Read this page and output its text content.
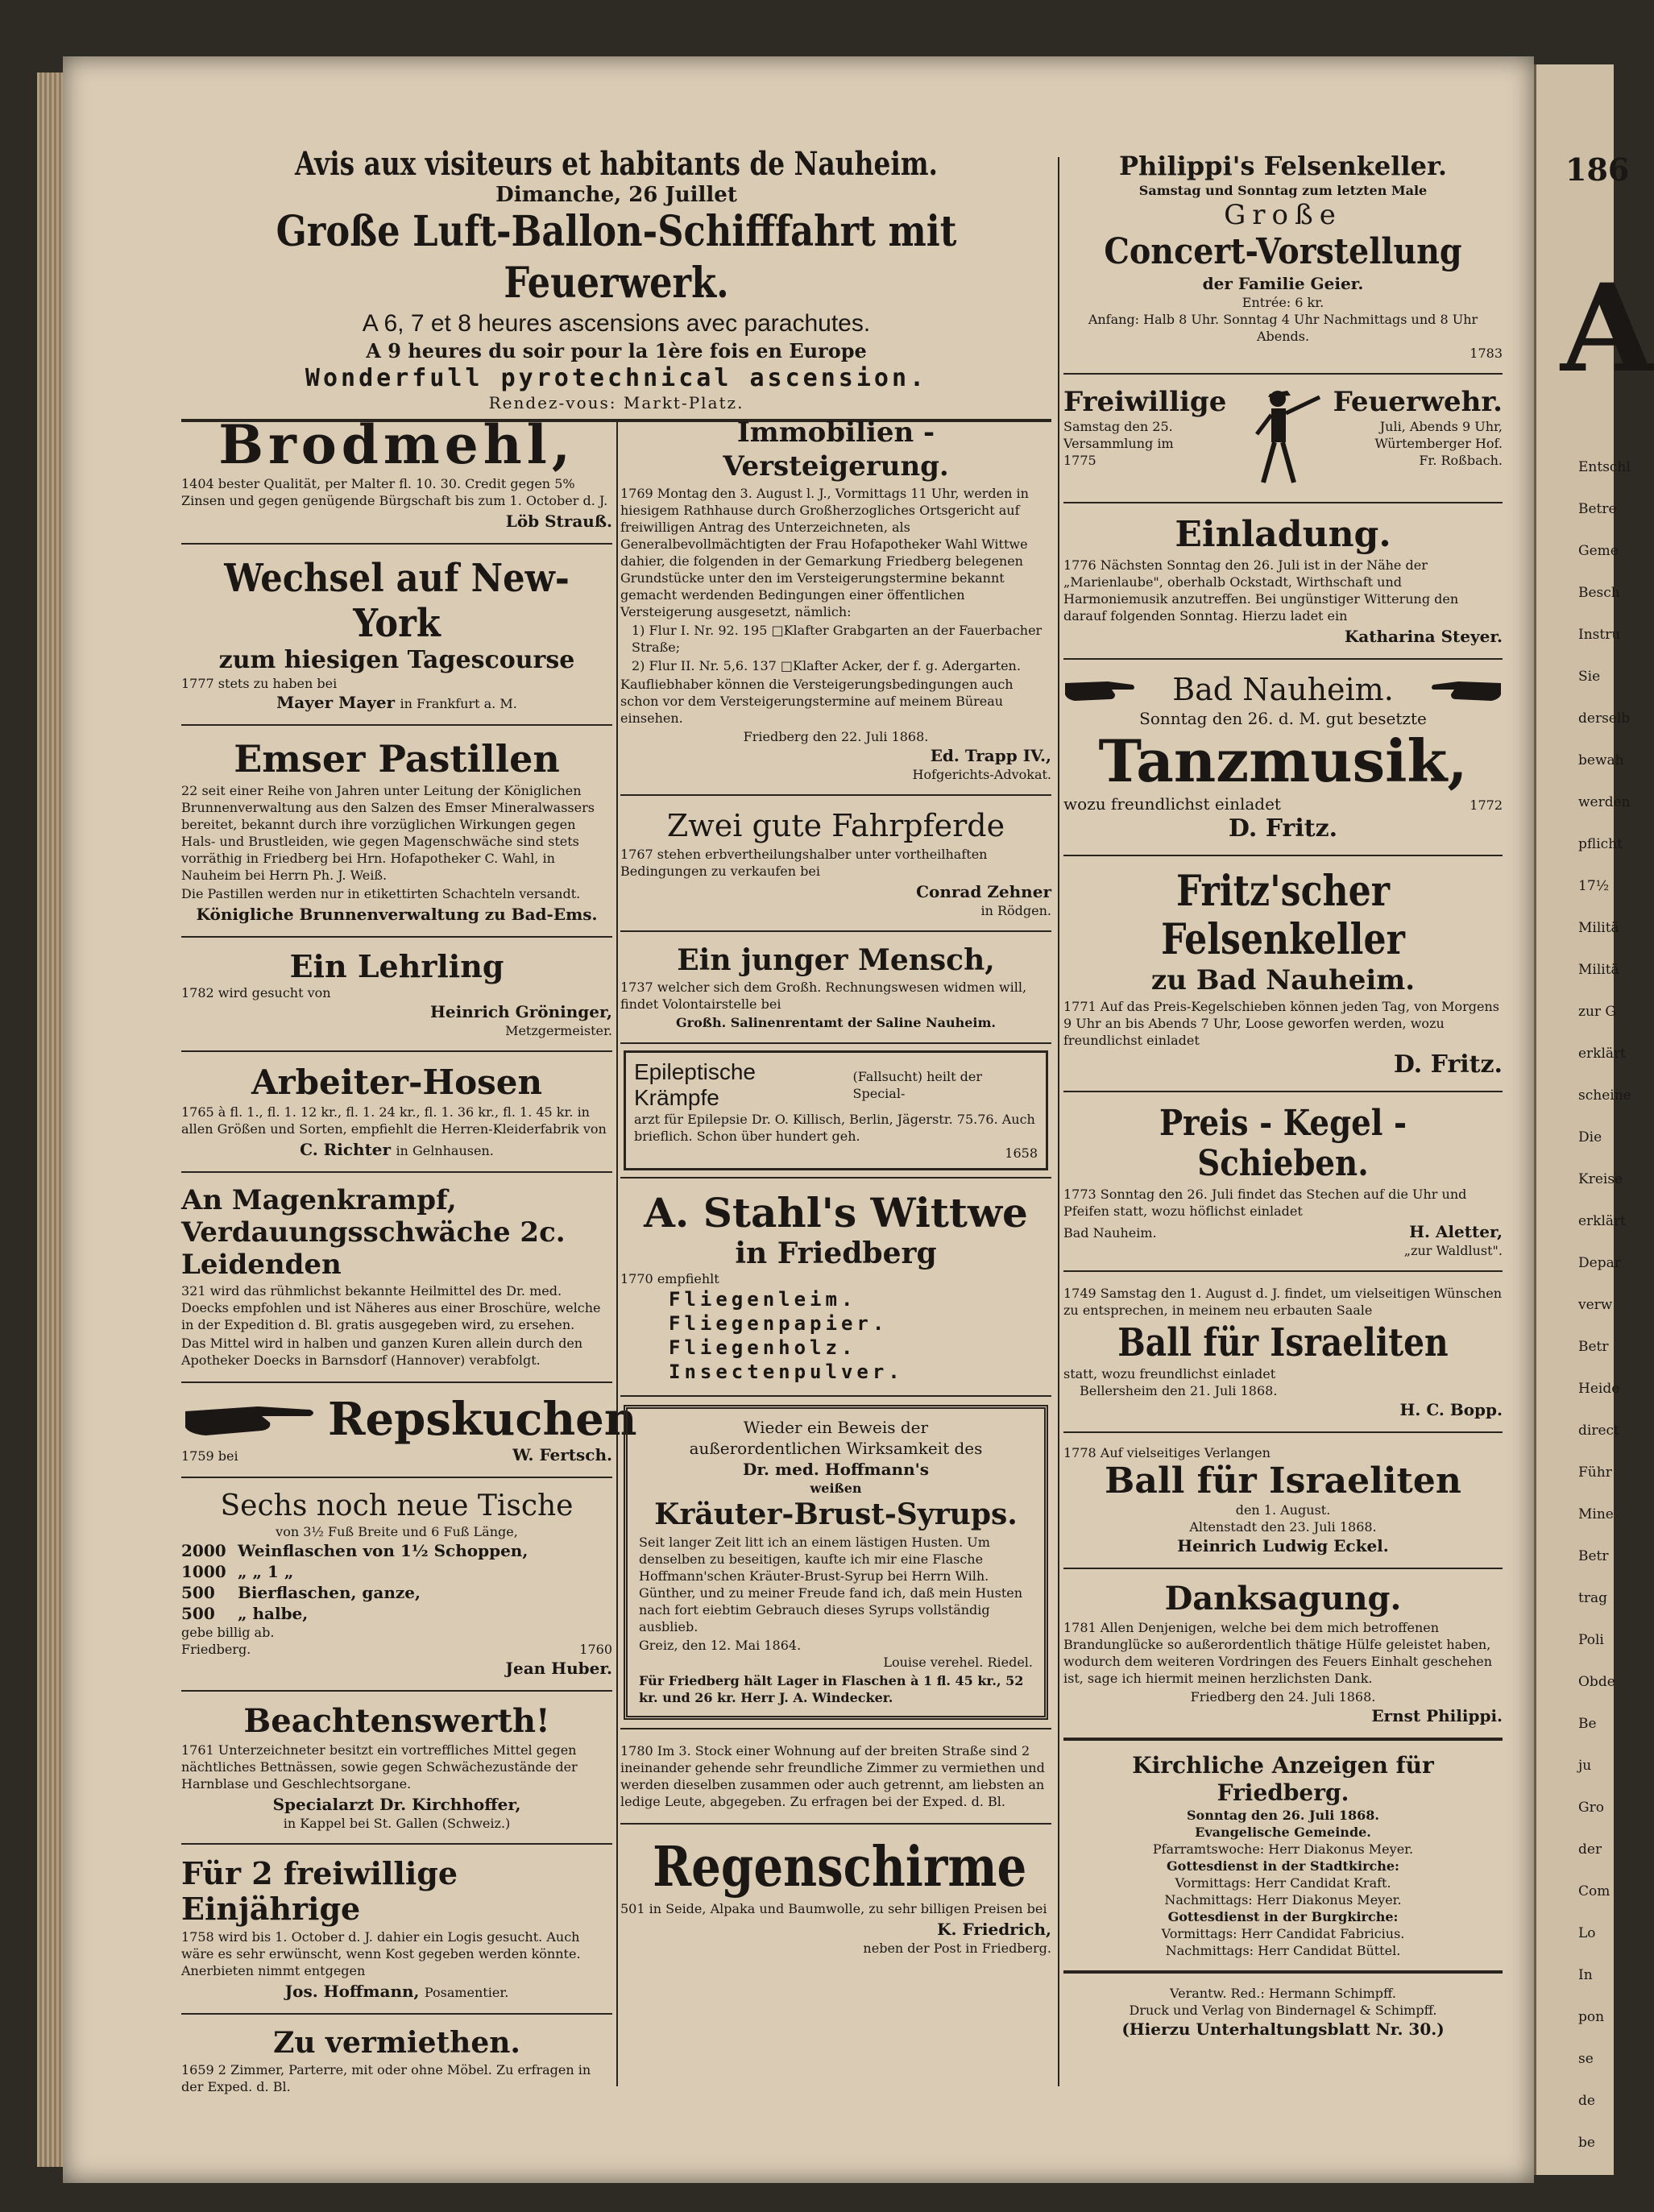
186
A
Entschl
Betre
Geme
Besch
Instru
Sie
derselb
bewah
werden
pflicht
17½
Militä
Militä
zur G
erklärt
scheine
Die
Kreise
erklärt
Depar
verw
Betr
Heide
direct
Führ
Mine
Betr
trag
Poli
Obde
Be
ju
Gro
der
Com
Lo
In
pon
se
de
be
Avis aux visiteurs et habitants de Nauheim.
Dimanche, 26 Juillet
Große Luft-Ballon-Schifffahrt mit Feuerwerk.
A 6, 7 et 8 heures ascensions avec parachutes.
A 9 heures du soir pour la 1ère fois en Europe
Wonderfull pyrotechnical ascension.
Rendez-vous: Markt-Platz.
Brodmehl,
1404 bester Qualität, per Malter fl. 10. 30. Credit gegen 5% Zinsen und gegen genügende Bürgschaft bis zum 1. October d. J.
Löb Strauß.
Wechsel auf New-York
zum hiesigen Tagescourse
1777 stets zu haben bei
Mayer Mayer in Frankfurt a. M.
Emser Pastillen
22 seit einer Reihe von Jahren unter Leitung der Königlichen Brunnenverwaltung aus den Salzen des Emser Mineralwassers bereitet, bekannt durch ihre vorzüglichen Wirkungen gegen Hals- und Brustleiden, wie gegen Magenschwäche sind stets vorräthig in Friedberg bei Hrn. Hofapotheker C. Wahl, in Nauheim bei Herrn Ph. J. Weiß.
Die Pastillen werden nur in etikettirten Schachteln versandt.
Königliche Brunnenverwaltung zu Bad-Ems.
Ein Lehrling
1782 wird gesucht von
Heinrich Gröninger,
Metzgermeister.
Arbeiter-Hosen
1765 à fl. 1., fl. 1. 12 kr., fl. 1. 24 kr., fl. 1. 36 kr., fl. 1. 45 kr. in allen Größen und Sorten, empfiehlt die Herren-Kleiderfabrik von
C. Richter in Gelnhausen.
An Magenkrampf, Verdauungsschwäche 2c. Leidenden
321 wird das rühmlichst bekannte Heilmittel des Dr. med. Doecks empfohlen und ist Näheres aus einer Broschüre, welche in der Expedition d. Bl. gratis ausgegeben wird, zu ersehen.
Das Mittel wird in halben und ganzen Kuren allein durch den Apotheker Doecks in Barnsdorf (Hannover) verabfolgt.
Repskuchen
1759 bei	W. Fertsch.
Sechs noch neue Tische
von 3½ Fuß Breite und 6 Fuß Länge,
2000 Weinflaschen von 1½ Schoppen,
1000 „ „ 1 „
500 Bierflaschen, ganze,
500 „ halbe,
gebe billig ab.
Friedberg.	1760
Jean Huber.
Beachtenswerth!
1761 Unterzeichneter besitzt ein vortreffliches Mittel gegen nächtliches Bettnässen, sowie gegen Schwächezustände der Harnblase und Geschlechtsorgane.
Specialarzt Dr. Kirchhoffer,
in Kappel bei St. Gallen (Schweiz.)
Für 2 freiwillige Einjährige
1758 wird bis 1. October d. J. dahier ein Logis gesucht. Auch wäre es sehr erwünscht, wenn Kost gegeben werden könnte. Anerbieten nimmt entgegen
Jos. Hoffmann, Posamentier.
Zu vermiethen.
1659 2 Zimmer, Parterre, mit oder ohne Möbel. Zu erfragen in der Exped. d. Bl.
Immobilien - Versteigerung.
1769 Montag den 3. August l. J., Vormittags 11 Uhr, werden in hiesigem Rathhause durch Großherzogliches Ortsgericht auf freiwilligen Antrag des Unterzeichneten, als Generalbevollmächtigten der Frau Hofapotheker Wahl Wittwe dahier, die folgenden in der Gemarkung Friedberg belegenen Grundstücke unter den im Versteigerungstermine bekannt gemacht werdenden Bedingungen einer öffentlichen Versteigerung ausgesetzt, nämlich:
1) Flur I. Nr. 92. 195 □Klafter Grabgarten an der Fauerbacher Straße;
2) Flur II. Nr. 5,6. 137 □Klafter Acker, der f. g. Adergarten.
Kaufliebhaber können die Versteigerungsbedingungen auch schon vor dem Versteigerungstermine auf meinem Büreau einsehen.
Friedberg den 22. Juli 1868.
Ed. Trapp IV.,
Hofgerichts-Advokat.
Zwei gute Fahrpferde
1767 stehen erbvertheilungshalber unter vortheilhaften Bedingungen zu verkaufen bei
Conrad Zehner
in Rödgen.
Ein junger Mensch,
1737 welcher sich dem Großh. Rechnungswesen widmen will, findet Volontairstelle bei
Großh. Salinenrentamt der Saline Nauheim.
Epileptische Krämpfe
(Fallsucht) heilt der Special-
arzt für Epilepsie Dr. O. Killisch, Berlin, Jägerstr. 75.76. Auch brieflich. Schon über hundert geh.
1658
A. Stahl's Wittwe
in Friedberg
1770 empfiehlt
Fliegenleim.
Fliegenpapier.
Fliegenholz.
Insectenpulver.
Wieder ein Beweis der
außerordentlichen Wirksamkeit des
Dr. med. Hoffmann's
weißen
Kräuter-Brust-Syrups.
Seit langer Zeit litt ich an einem lästigen Husten. Um denselben zu beseitigen, kaufte ich mir eine Flasche Hoffmann'schen Kräuter-Brust-Syrup bei Herrn Wilh. Günther, und zu meiner Freude fand ich, daß mein Husten nach fort eiebtim Gebrauch dieses Syrups vollständig ausblieb.
Greiz, den 12. Mai 1864.
Louise verehel. Riedel.
Für Friedberg hält Lager in Flaschen à 1 fl. 45 kr., 52 kr. und 26 kr. Herr J. A. Windecker.
1780 Im 3. Stock einer Wohnung auf der breiten Straße sind 2 ineinander gehende sehr freundliche Zimmer zu vermiethen und werden dieselben zusammen oder auch getrennt, am liebsten an ledige Leute, abgegeben. Zu erfragen bei der Exped. d. Bl.
Regenschirme
501 in Seide, Alpaka und Baumwolle, zu sehr billigen Preisen bei
K. Friedrich,
neben der Post in Friedberg.
Philippi's Felsenkeller.
Samstag und Sonntag zum letzten Male
Große
Concert-Vorstellung
der Familie Geier.
Entrée: 6 kr.
Anfang: Halb 8 Uhr. Sonntag 4 Uhr Nachmittags und 8 Uhr Abends.
1783
Freiwillige
Samstag den 25.
Versammlung im
1775
Feuerwehr.
Juli, Abends 9 Uhr,
Würtemberger Hof.
Fr. Roßbach.
Einladung.
1776 Nächsten Sonntag den 26. Juli ist in der Nähe der „Marienlaube", oberhalb Ockstadt, Wirthschaft und Harmoniemusik anzutreffen. Bei ungünstiger Witterung den darauf folgenden Sonntag. Hierzu ladet ein
Katharina Steyer.
Bad Nauheim.
Sonntag den 26. d. M. gut besetzte
Tanzmusik,
wozu freundlichst einladet	1772
D. Fritz.
Fritz'scher Felsenkeller
zu Bad Nauheim.
1771 Auf das Preis-Kegelschieben können jeden Tag, von Morgens 9 Uhr an bis Abends 7 Uhr, Loose geworfen werden, wozu freundlichst einladet
D. Fritz.
Preis - Kegel - Schieben.
1773 Sonntag den 26. Juli findet das Stechen auf die Uhr und Pfeifen statt, wozu höflichst einladet
Bad Nauheim.	H. Aletter,
„zur Waldlust".
1749 Samstag den 1. August d. J. findet, um vielseitigen Wünschen zu entsprechen, in meinem neu erbauten Saale
Ball für Israeliten
statt, wozu freundlichst einladet
Bellersheim den 21. Juli 1868.
H. C. Bopp.
1778 Auf vielseitiges Verlangen
Ball für Israeliten
den 1. August.
Altenstadt den 23. Juli 1868.
Heinrich Ludwig Eckel.
Danksagung.
1781 Allen Denjenigen, welche bei dem mich betroffenen Brandunglücke so außerordentlich thätige Hülfe geleistet haben, wodurch dem weiteren Vordringen des Feuers Einhalt geschehen ist, sage ich hiermit meinen herzlichsten Dank.
Friedberg den 24. Juli 1868.
Ernst Philippi.
Kirchliche Anzeigen für Friedberg.
Sonntag den 26. Juli 1868.
Evangelische Gemeinde.
Pfarramtswoche: Herr Diakonus Meyer.
Gottesdienst in der Stadtkirche:
Vormittags: Herr Candidat Kraft.
Nachmittags: Herr Diakonus Meyer.
Gottesdienst in der Burgkirche:
Vormittags: Herr Candidat Fabricius.
Nachmittags: Herr Candidat Büttel.
Verantw. Red.: Hermann Schimpff.
Druck und Verlag von Bindernagel & Schimpff.
(Hierzu Unterhaltungsblatt Nr. 30.)
